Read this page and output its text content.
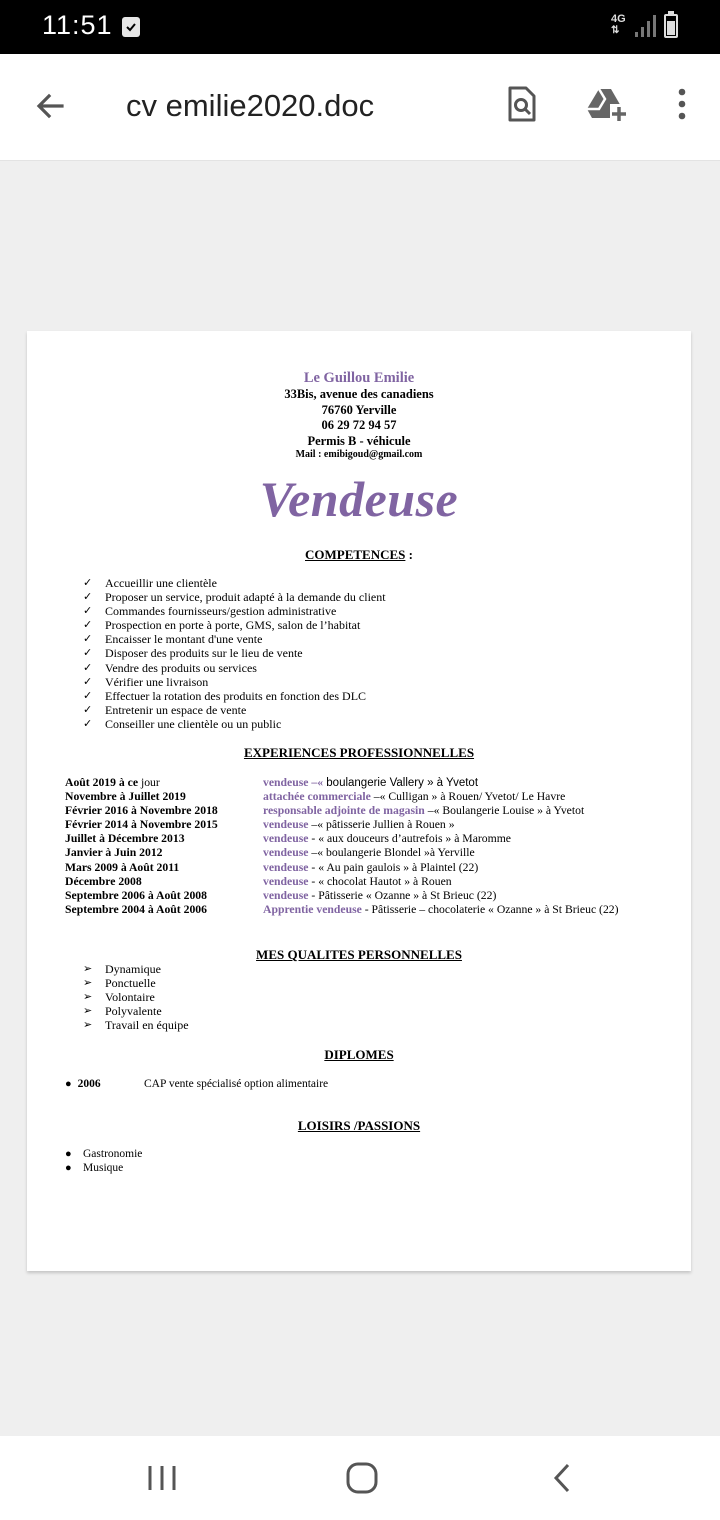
11:51	4G
⇅
cv emilie2020.doc
Le Guillou Emilie
33Bis, avenue des canadiens
76760 Yerville
06 29 72 94 57
Permis B - véhicule
Mail : emibigoud@gmail.com
Vendeuse
COMPETENCES :
✓ Accueillir une clientèle
✓ Proposer un service, produit adapté à la demande du client
✓ Commandes fournisseurs/gestion administrative
✓ Prospection en porte à porte, GMS, salon de l’habitat
✓ Encaisser le montant d'une vente
✓ Disposer des produits sur le lieu de vente
✓ Vendre des produits ou services
✓ Vérifier une livraison
✓ Effectuer la rotation des produits en fonction des DLC
✓ Entretenir un espace de vente
✓ Conseiller une clientèle ou un public
EXPERIENCES PROFESSIONNELLES
Août 2019 à ce jour	vendeuse –« boulangerie Vallery » à Yvetot
Novembre à Juillet 2019	attachée commerciale –« Culligan » à Rouen/ Yvetot/ Le Havre
Février 2016 à Novembre 2018	responsable adjointe de magasin –« Boulangerie Louise » à Yvetot
Février 2014 à Novembre 2015	vendeuse –« pâtisserie Jullien à Rouen »
Juillet à Décembre 2013	vendeuse - « aux douceurs d’autrefois » à Maromme
Janvier à Juin 2012	vendeuse –« boulangerie Blondel »à Yerville
Mars 2009 à Août 2011	vendeuse - « Au pain gaulois » à Plaintel (22)
Décembre 2008	vendeuse - « chocolat Hautot » à Rouen
Septembre 2006 à Août 2008	vendeuse - Pâtisserie « Ozanne » à St Brieuc (22)
Septembre 2004 à Août 2006	Apprentie vendeuse - Pâtisserie – chocolaterie « Ozanne » à St Brieuc (22)
MES QUALITES PERSONNELLES
➢ Dynamique
➢ Ponctuelle
➢ Volontaire
➢ Polyvalente
➢ Travail en équipe
DIPLOMES
● 2006	CAP vente spécialisé option alimentaire
LOISIRS /PASSIONS
● Gastronomie
● Musique
